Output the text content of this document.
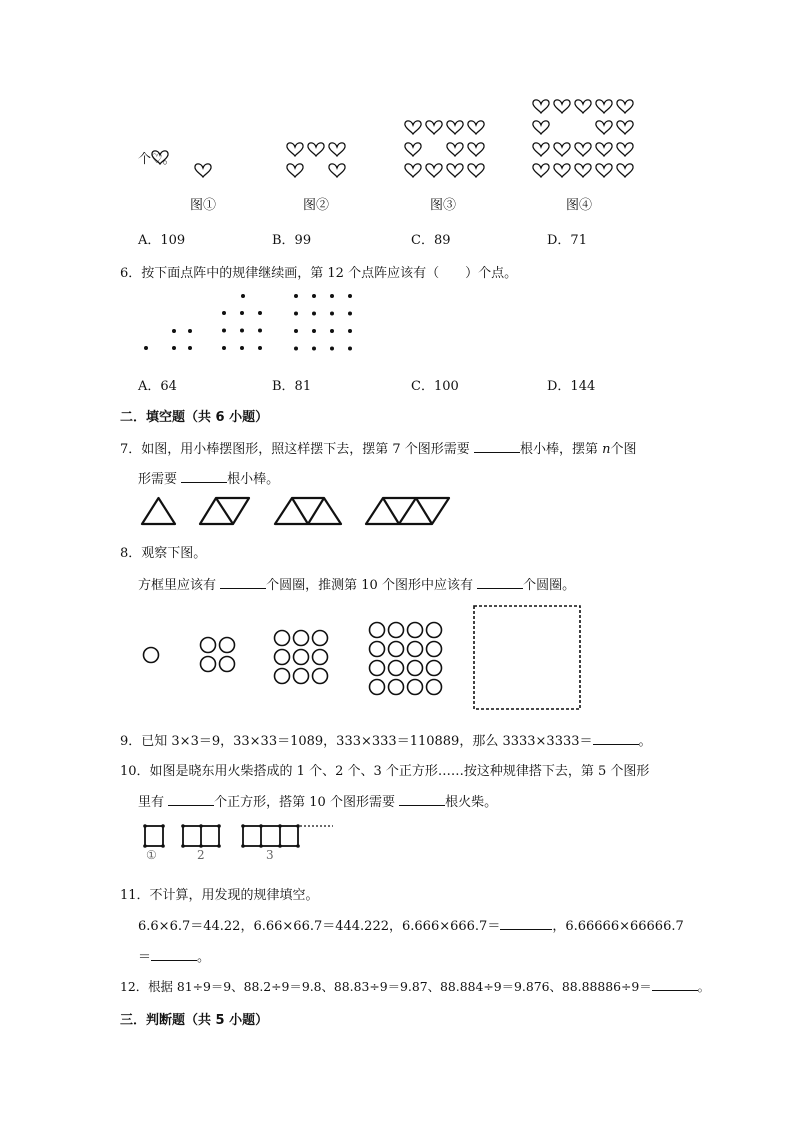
个♡。
图①	图②	图③	图④
A．109	B．99	C．89	D．71
6．按下面点阵中的规律继续画，第 12 个点阵应该有（　　）个点。
A．64	B．81	C．100	D．144
二．填空题（共 6 小题）
7．如图，用小棒摆图形，照这样摆下去，摆第 7 个图形需要	根小棒，摆第 n个图
形需要	根小棒。
8．观察下图。
方框里应该有	个圆圈，推测第 10 个图形中应该有	个圆圈。
9．已知 3×3＝9，33×33＝1089，333×333＝110889，那么 3333×3333＝	。
10．如图是晓东用火柴搭成的 1 个、2 个、3 个正方形……按这种规律搭下去，第 5 个图形
里有	个正方形，搭第 10 个图形需要	根火柴。
①	2	3
11．不计算，用发现的规律填空。
6.6×6.7＝44.22，6.66×66.7＝444.222，6.666×666.7＝	，6.66666×66666.7
＝	。
12．根据 81÷9＝9、88.2÷9＝9.8、88.83÷9＝9.87、88.884÷9＝9.876、88.88886÷9＝	。
三．判断题（共 5 小题）
